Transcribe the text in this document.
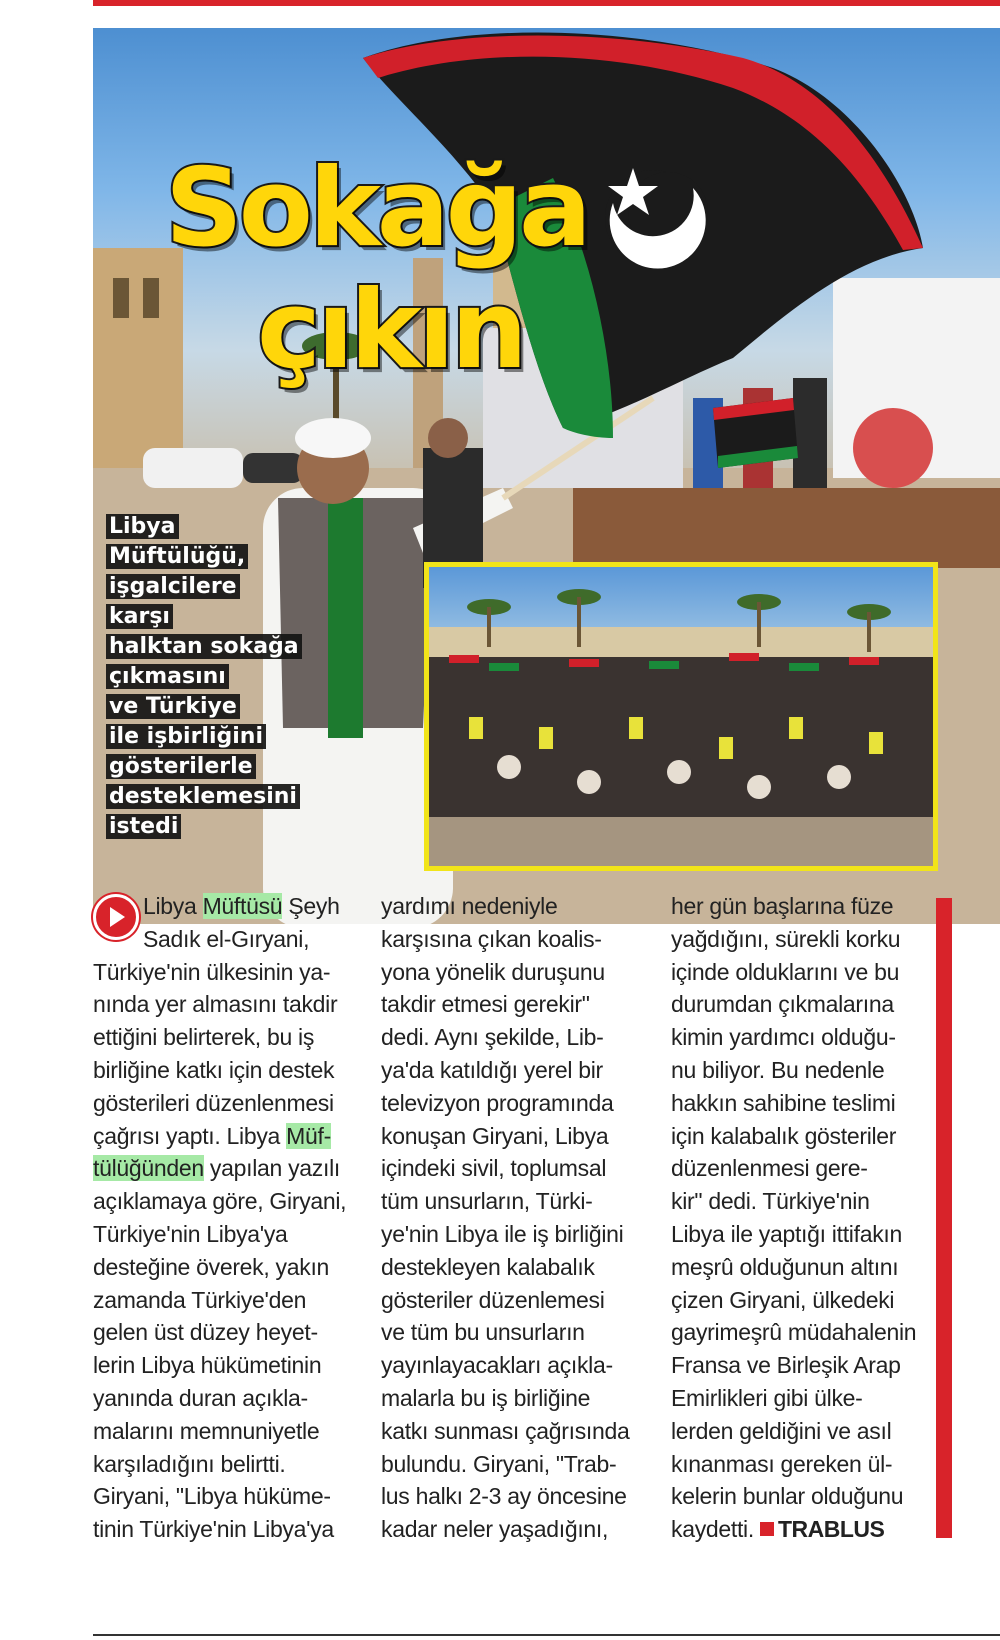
Sokağa
çıkın

Libya
Müftülüğü,
işgalcilere
karşı
halktan sokağa
çıkmasını
ve Türkiye
ile işbirliğini
gösterilerle
desteklemesini
istedi

Libya Müftüsü Şeyh
Sadık el-Gıryani,
Türkiye'nin ülkesinin ya-
nında yer almasını takdir
ettiğini belirterek, bu iş
birliğine katkı için destek
gösterileri düzenlenmesi
çağrısı yaptı. Libya Müf-
tülüğünden yapılan yazılı
açıklamaya göre, Giryani,
Türkiye'nin Libya'ya
desteğine överek, yakın
zamanda Türkiye'den
gelen üst düzey heyet-
lerin Libya hükümetinin
yanında duran açıkla-
malarını memnuniyetle
karşıladığını belirtti.
Giryani, "Libya hüküme-
tinin Türkiye'nin Libya'ya

yardımı nedeniyle
karşısına çıkan koalis-
yona yönelik duruşunu
takdir etmesi gerekir"
dedi. Aynı şekilde, Lib-
ya'da katıldığı yerel bir
televizyon programında
konuşan Giryani, Libya
içindeki sivil, toplumsal
tüm unsurların, Türki-
ye'nin Libya ile iş birliğini
destekleyen kalabalık
gösteriler düzenlemesi
ve tüm bu unsurların
yayınlayacakları açıkla-
malarla bu iş birliğine
katkı sunması çağrısında
bulundu. Giryani, "Trab-
lus halkı 2-3 ay öncesine
kadar neler yaşadığını,

her gün başlarına füze
yağdığını, sürekli korku
içinde olduklarını ve bu
durumdan çıkmalarına
kimin yardımcı olduğu-
nu biliyor. Bu nedenle
hakkın sahibine teslimi
için kalabalık gösteriler
düzenlenmesi gere-
kir" dedi. Türkiye'nin
Libya ile yaptığı ittifakın
meşrû olduğunun altını
çizen Giryani, ülkedeki
gayrimeşrû müdahalenin
Fransa ve Birleşik Arap
Emirlikleri gibi ülke-
lerden geldiğini ve asıl
kınanması gereken ül-
kelerin bunlar olduğunu
kaydetti. TRABLUS
